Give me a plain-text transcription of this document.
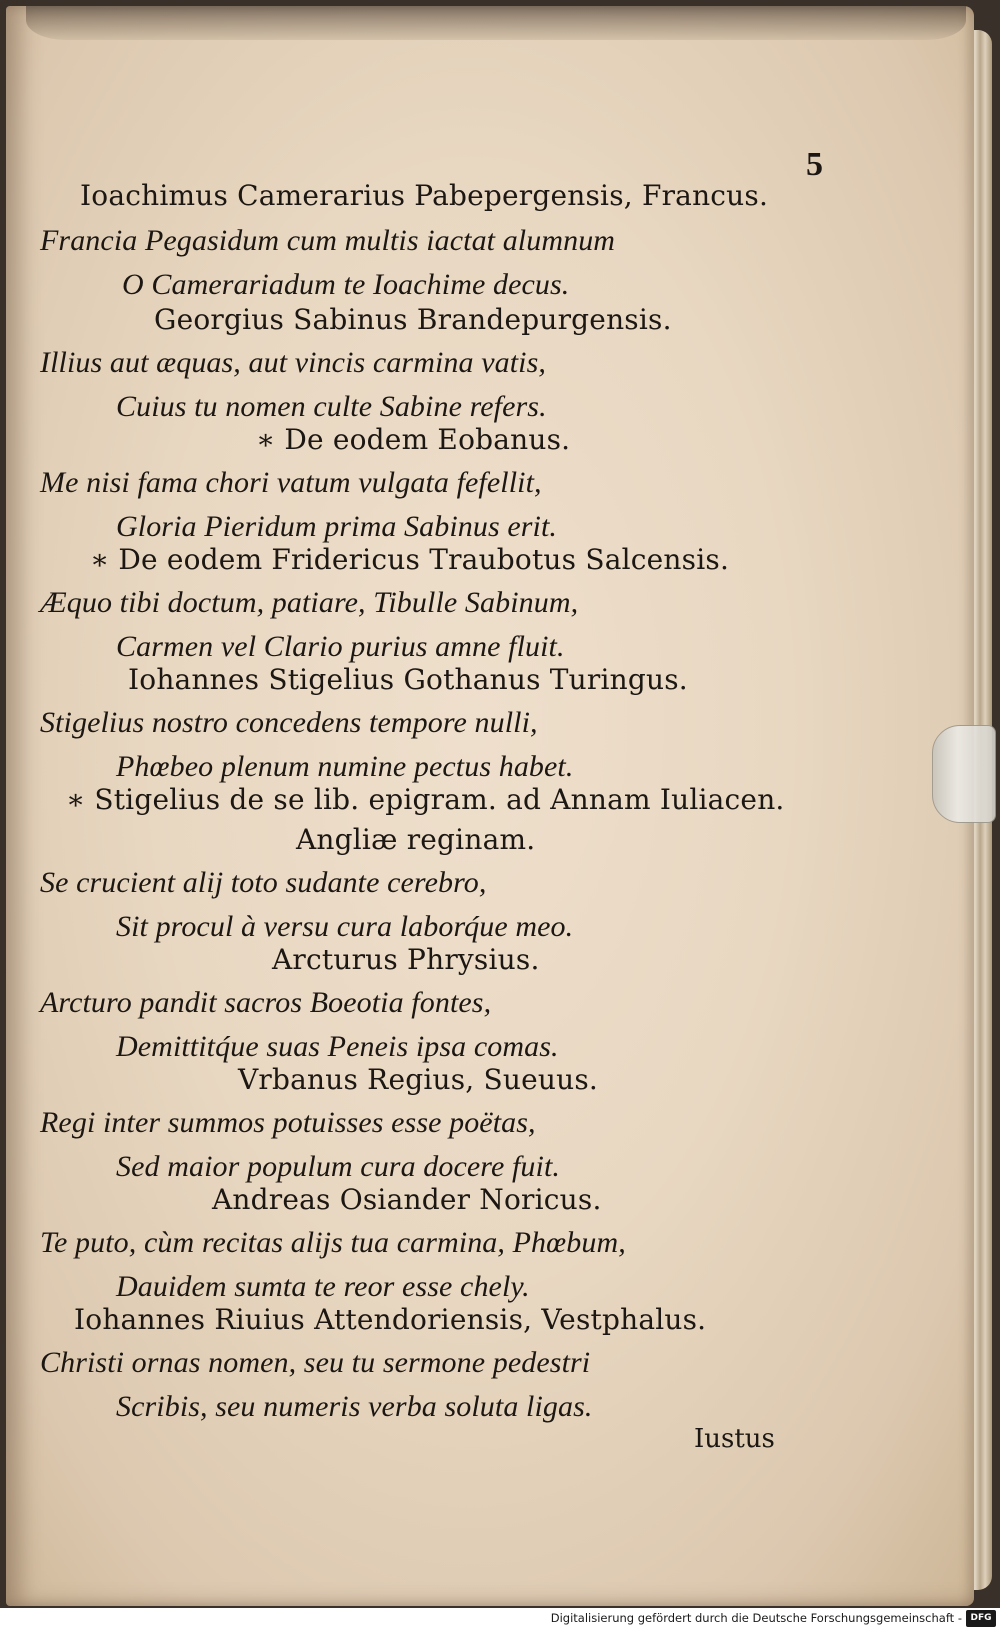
5
Ioachimus Camerarius Pabepergensis, Francus.
Francia Pegasidum cum multis iactat alumnum
O Camerariadum te Ioachime decus.
Georgius Sabinus Brandepurgensis.
Illius aut æquas, aut vincis carmina vatis,
Cuius tu nomen culte Sabine refers.
∗ De eodem Eobanus.
Me nisi fama chori vatum vulgata fefellit,
Gloria Pieridum prima Sabinus erit.
∗ De eodem Fridericus Traubotus Salcensis.
Æquo tibi doctum, patiare, Tibulle Sabinum,
Carmen vel Clario purius amne fluit.
Iohannes Stigelius Gothanus Turingus.
Stigelius nostro concedens tempore nulli,
Phœbeo plenum numine pectus habet.
∗ Stigelius de se lib. epigram. ad Annam Iuliacen.
Angliæ reginam.
Se crucient alij toto sudante cerebro,
Sit procul à versu cura laborq́ue meo.
Arcturus Phrysius.
Arcturo pandit sacros Boeotia fontes,
Demittitq́ue suas Peneis ipsa comas.
Vrbanus Regius, Sueuus.
Regi inter summos potuisses esse poëtas,
Sed maior populum cura docere fuit.
Andreas Osiander Noricus.
Te puto, cùm recitas alijs tua carmina, Phœbum,
Dauidem sumta te reor esse chely.
Iohannes Riuius Attendoriensis, Vestphalus.
Christi ornas nomen, seu tu sermone pedestri
Scribis, seu numeris verba soluta ligas.
Iustus
Digitalisierung gefördert durch die Deutsche Forschungsgemeinschaft - DFG
